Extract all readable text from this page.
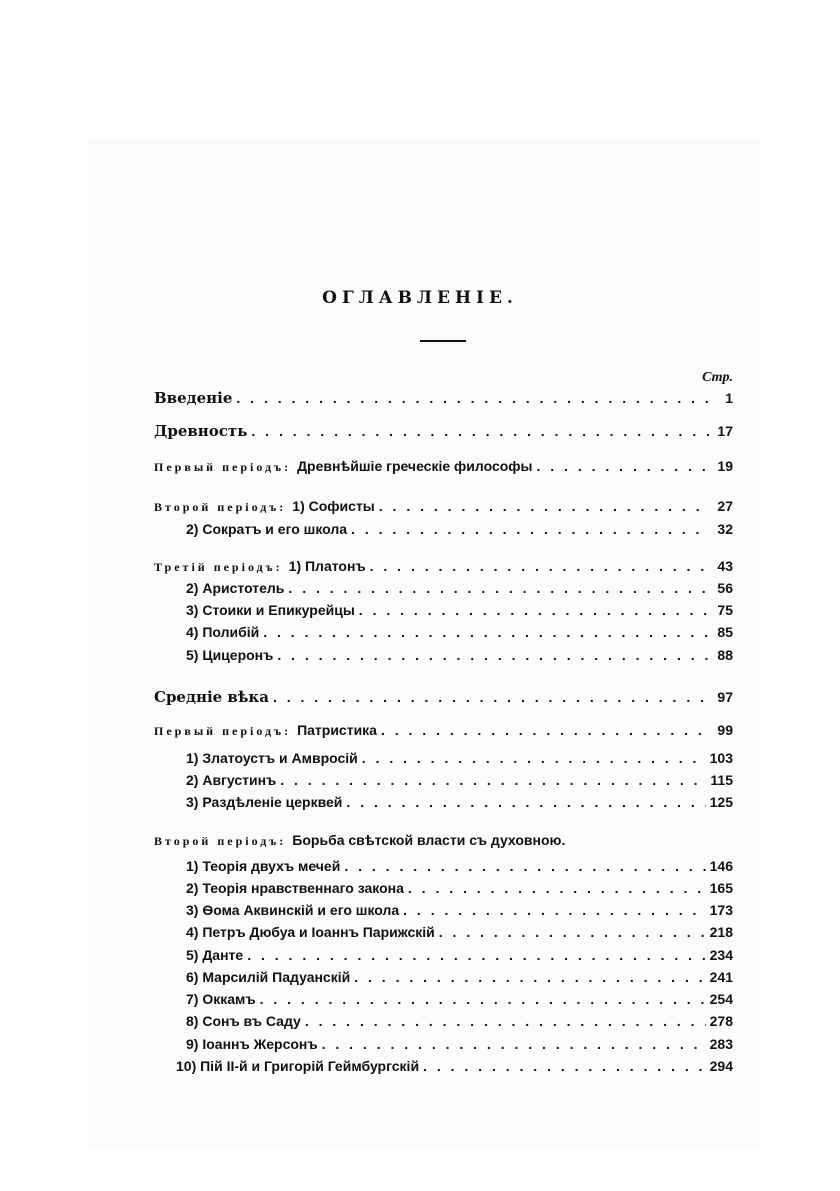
ОГЛАВЛЕНІЕ.
Стр.
Введеніе . . .	1
Древность . . .	17
Первый періодъ: Древнѣйшіе греческіе философы . . .	19
Второй періодъ: 1) Софисты . . .	27
2) Сократъ и его школа . . .	32
Третій періодъ: 1) Платонъ . . .	43
2) Аристотель . . .	56
3) Стоики и Епикурейцы . . .	75
4) Полибій . . .	85
5) Цицеронъ . . .	88
Средніе вѣка . . .	97
Первый періодъ: Патристика . . .	99
1) Златоустъ и Амвросій . . .	103
2) Августинъ . . .	115
3) Раздѣленіе церквей . . .	125
Второй періодъ: Борьба свѣтской власти съ духовною.
1) Теорія двухъ мечей . . .	146
2) Теорія нравственнаго закона . . .	165
3) Ѳома Аквинскій и его школа . . .	173
4) Петръ Дюбуа и Іоаннъ Парижскій . . .	218
5) Данте . . .	234
6) Марсилій Падуанскій . . .	241
7) Оккамъ . . .	254
8) Сонъ въ Саду . . .	278
9) Іоаннъ Жерсонъ . . .	283
10) Пій II-й и Григорій Геймбургскій . . .	294
